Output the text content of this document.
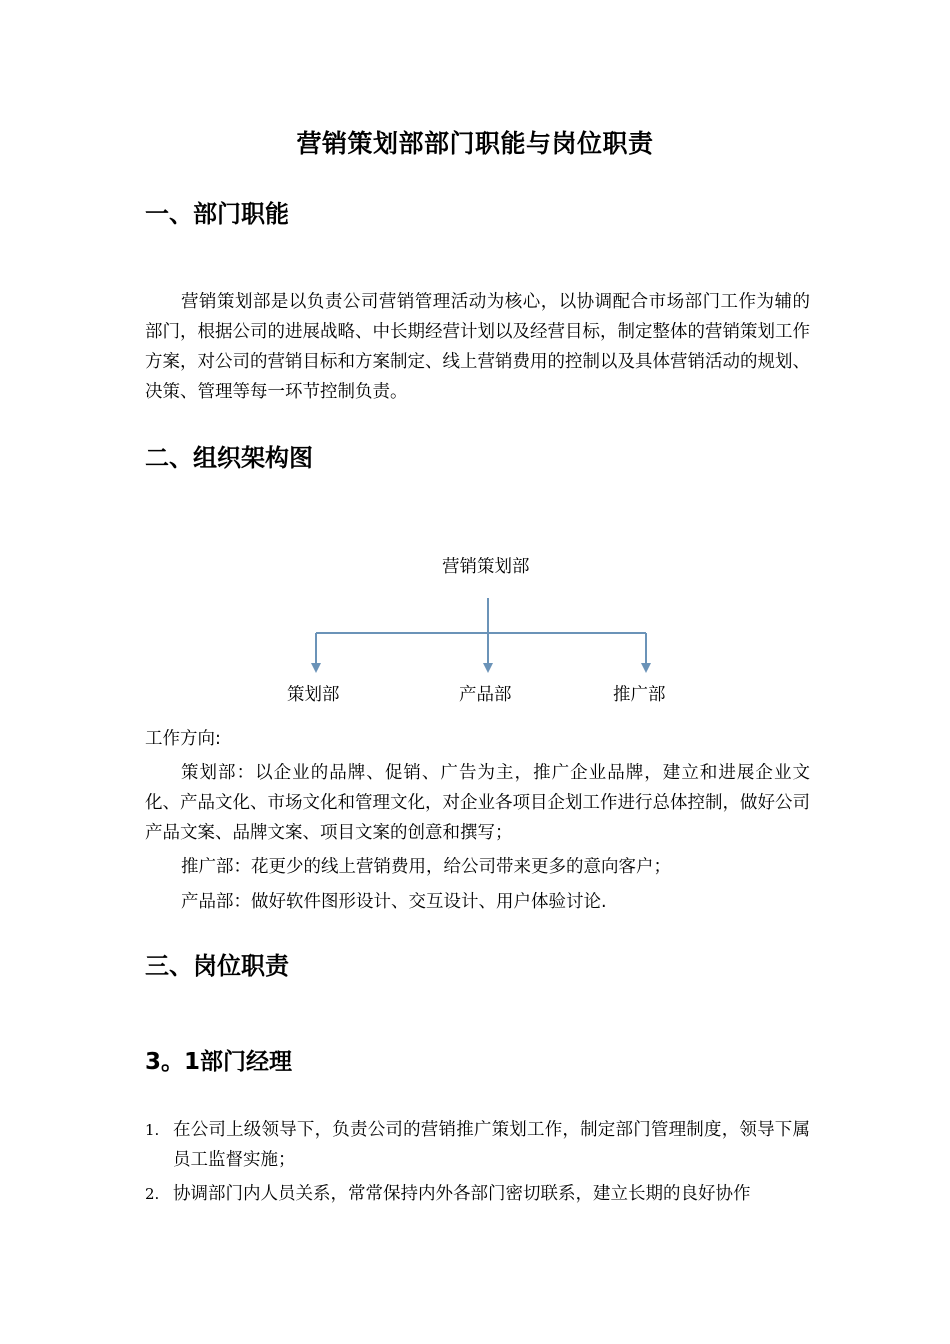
营销策划部部门职能与岗位职责
一、部门职能

营销策划部是以负责公司营销管理活动为核心，以协调配合市场部门工作为辅的部门，根据公司的进展战略、中长期经营计划以及经营目标，制定整体的营销策划工作方案，对公司的营销目标和方案制定、线上营销费用的控制以及具体营销活动的规划、决策、管理等每一环节控制负责。

二、组织架构图
营销策划部
策划部	产品部	推广部
工作方向:

策划部：以企业的品牌、促销、广告为主，推广企业品牌，建立和进展企业文化、产品文化、市场文化和管理文化，对企业各项目企划工作进行总体控制，做好公司产品文案、品牌文案、项目文案的创意和撰写；

推广部：花更少的线上营销费用，给公司带来更多的意向客户；

产品部：做好软件图形设计、交互设计、用户体验讨论.

三、岗位职责
3。1部门经理
1. 在公司上级领导下，负责公司的营销推广策划工作，制定部门管理制度，领导下属员工监督实施；
2. 协调部门内人员关系，常常保持内外各部门密切联系，建立长期的良好协作
